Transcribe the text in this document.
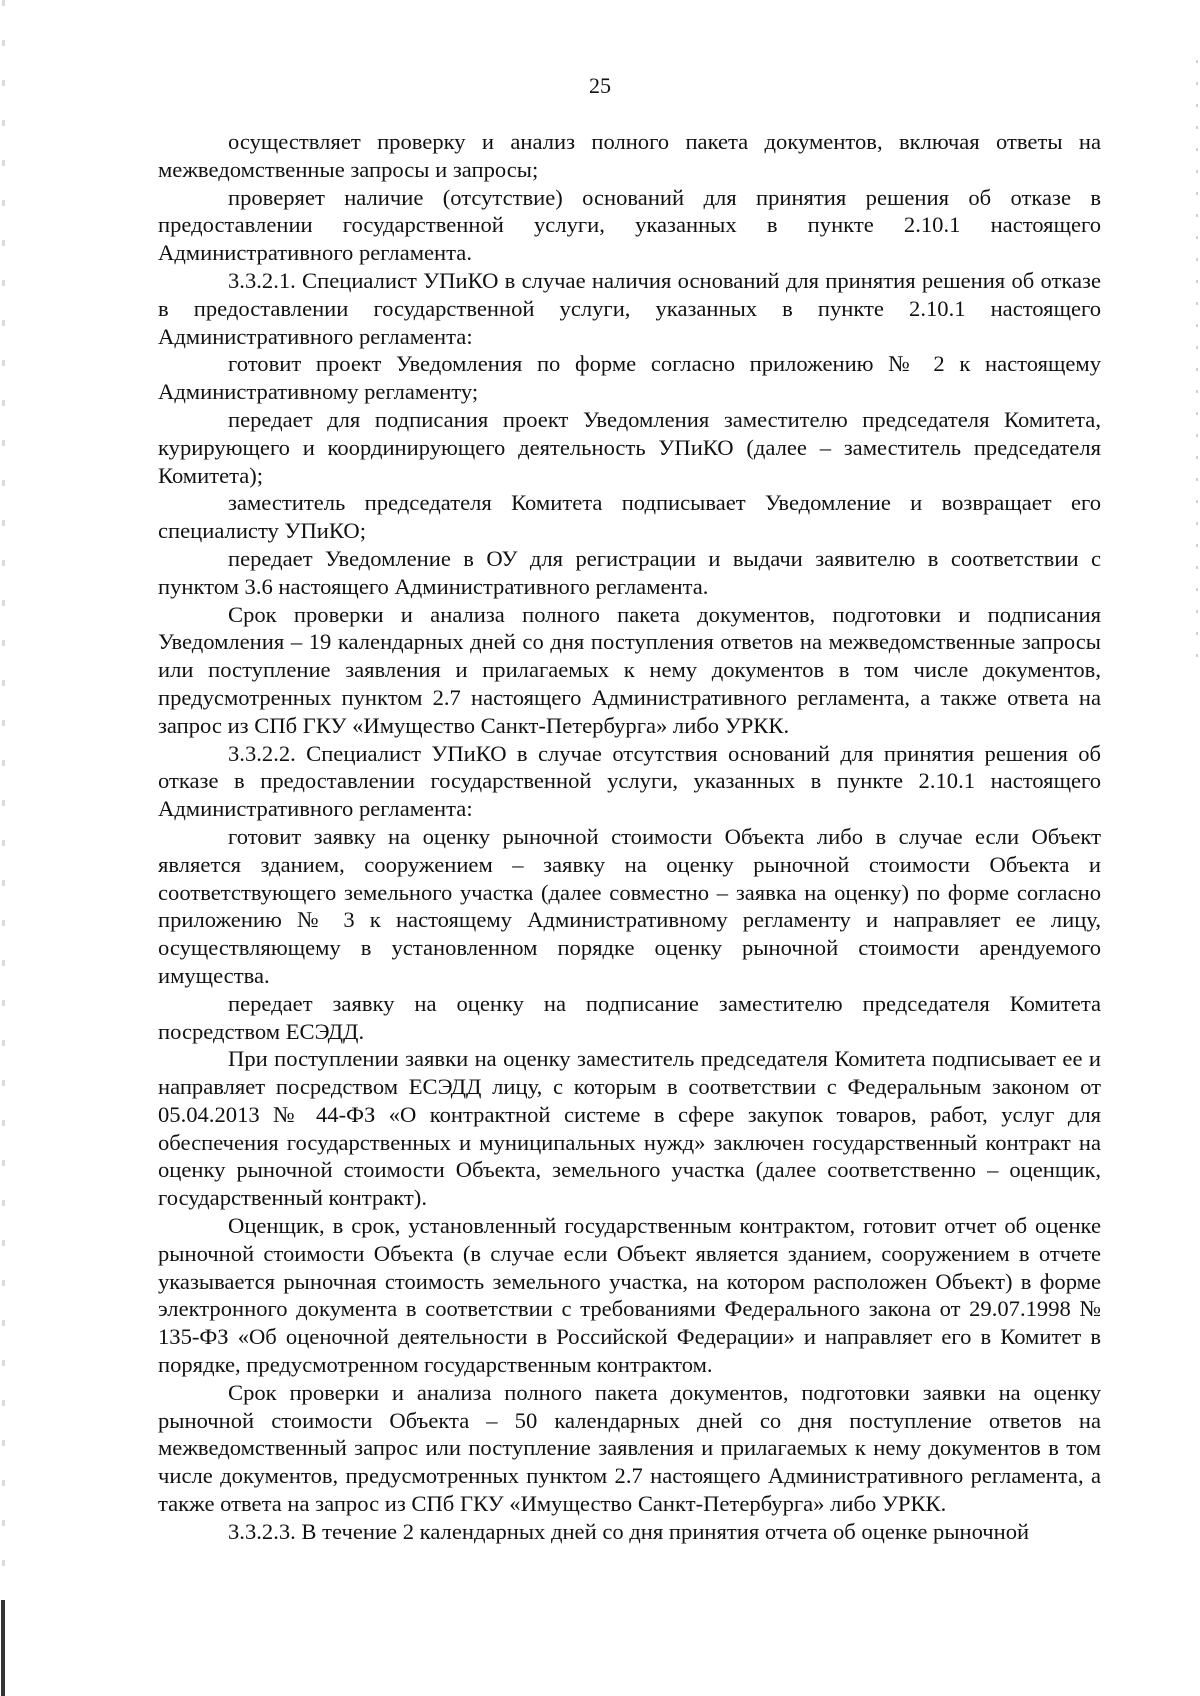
25

осуществляет проверку и анализ полного пакета документов, включая ответы на межведомственные запросы и запросы;

проверяет наличие (отсутствие) оснований для принятия решения об отказе в предоставлении государственной услуги, указанных в пункте 2.10.1 настоящего Административного регламента.

3.3.2.1. Специалист УПиКО в случае наличия оснований для принятия решения об отказе в предоставлении государственной услуги, указанных в пункте 2.10.1 настоящего Административного регламента:

готовит проект Уведомления по форме согласно приложению № 2 к настоящему Административному регламенту;

передает для подписания проект Уведомления заместителю председателя Комитета, курирующего и координирующего деятельность УПиКО (далее – заместитель председателя Комитета);

заместитель председателя Комитета подписывает Уведомление и возвращает его специалисту УПиКО;

передает Уведомление в ОУ для регистрации и выдачи заявителю в соответствии с пунктом 3.6 настоящего Административного регламента.

Срок проверки и анализа полного пакета документов, подготовки и подписания Уведомления – 19 календарных дней со дня поступления ответов на межведомственные запросы или поступление заявления и прилагаемых к нему документов в том числе документов, предусмотренных пунктом 2.7 настоящего Административного регламента, а также ответа на запрос из СПб ГКУ «Имущество Санкт-Петербурга» либо УРКК.

3.3.2.2. Специалист УПиКО в случае отсутствия оснований для принятия решения об отказе в предоставлении государственной услуги, указанных в пункте 2.10.1 настоящего Административного регламента:

готовит заявку на оценку рыночной стоимости Объекта либо в случае если Объект является зданием, сооружением – заявку на оценку рыночной стоимости Объекта и соответствующего земельного участка (далее совместно – заявка на оценку) по форме согласно приложению № 3 к настоящему Административному регламенту и направляет ее лицу, осуществляющему в установленном порядке оценку рыночной стоимости арендуемого имущества.

передает заявку на оценку на подписание заместителю председателя Комитета посредством ЕСЭДД.

При поступлении заявки на оценку заместитель председателя Комитета подписывает ее и направляет посредством ЕСЭДД лицу, с которым в соответствии с Федеральным законом от 05.04.2013 № 44-ФЗ «О контрактной системе в сфере закупок товаров, работ, услуг для обеспечения государственных и муниципальных нужд» заключен государственный контракт на оценку рыночной стоимости Объекта, земельного участка (далее соответственно – оценщик, государственный контракт).

Оценщик, в срок, установленный государственным контрактом, готовит отчет об оценке рыночной стоимости Объекта (в случае если Объект является зданием, сооружением в отчете указывается рыночная стоимость земельного участка, на котором расположен Объект) в форме электронного документа в соответствии с требованиями Федерального закона от 29.07.1998 № 135-ФЗ «Об оценочной деятельности в Российской Федерации» и направляет его в Комитет в порядке, предусмотренном государственным контрактом.

Срок проверки и анализа полного пакета документов, подготовки заявки на оценку рыночной стоимости Объекта – 50 календарных дней со дня поступление ответов на межведомственный запрос или поступление заявления и прилагаемых к нему документов в том числе документов, предусмотренных пунктом 2.7 настоящего Административного регламента, а также ответа на запрос из СПб ГКУ «Имущество Санкт-Петербурга» либо УРКК.

3.3.2.3. В течение 2 календарных дней со дня принятия отчета об оценке рыночной
